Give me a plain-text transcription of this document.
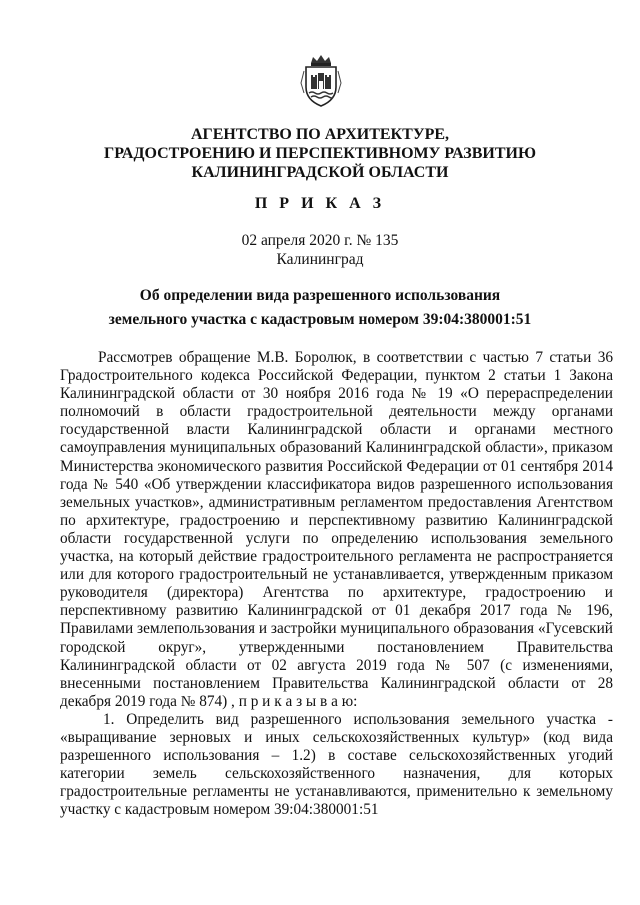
АГЕНТСТВО ПО АРХИТЕКТУРЕ,
ГРАДОСТРОЕНИЮ И ПЕРСПЕКТИВНОМУ РАЗВИТИЮ
КАЛИНИНГРАДСКОЙ ОБЛАСТИ
П Р И К А З
02 апреля 2020 г. № 135
Калининград
Об определении вида разрешенного использования
земельного участка с кадастровым номером 39:04:380001:51

Рассмотрев обращение М.В. Боролюк, в соответствии с частью 7 статьи 36 Градостроительного кодекса Российской Федерации, пунктом 2 статьи 1 Закона Калининградской области от 30 ноября 2016 года № 19 «О перераспределении полномочий в области градостроительной деятельности между органами государственной власти Калининградской области и органами местного самоуправления муниципальных образований Калининградской области», приказом Министерства экономического развития Российской Федерации от 01 сентября 2014 года № 540 «Об утверждении классификатора видов разрешенного использования земельных участков», административным регламентом предоставления Агентством по архитектуре, градостроению и перспективному развитию Калининградской области государственной услуги по определению использования земельного участка, на который действие градостроительного регламента не распространяется или для которого градостроительный не устанавливается, утвержденным приказом руководителя (директора) Агентства по архитектуре, градостроению и перспективному развитию Калининградской от 01 декабря 2017 года № 196, Правилами землепользования и застройки муниципального образования «Гусевский городской округ», утвержденными постановлением Правительства Калининградской области от 02 августа 2019 года № 507 (с изменениями, внесенными постановлением Правительства Калининградской области от 28 декабря 2019 года № 874) , п р и к а з ы в а ю:

1. Определить вид разрешенного использования земельного участка - «выращивание зерновых и иных сельскохозяйственных культур» (код вида разрешенного использования – 1.2) в составе сельскохозяйственных угодий категории земель сельскохозяйственного назначения, для которых градостроительные регламенты не устанавливаются, применительно к земельному участку с кадастровым номером 39:04:380001:51
